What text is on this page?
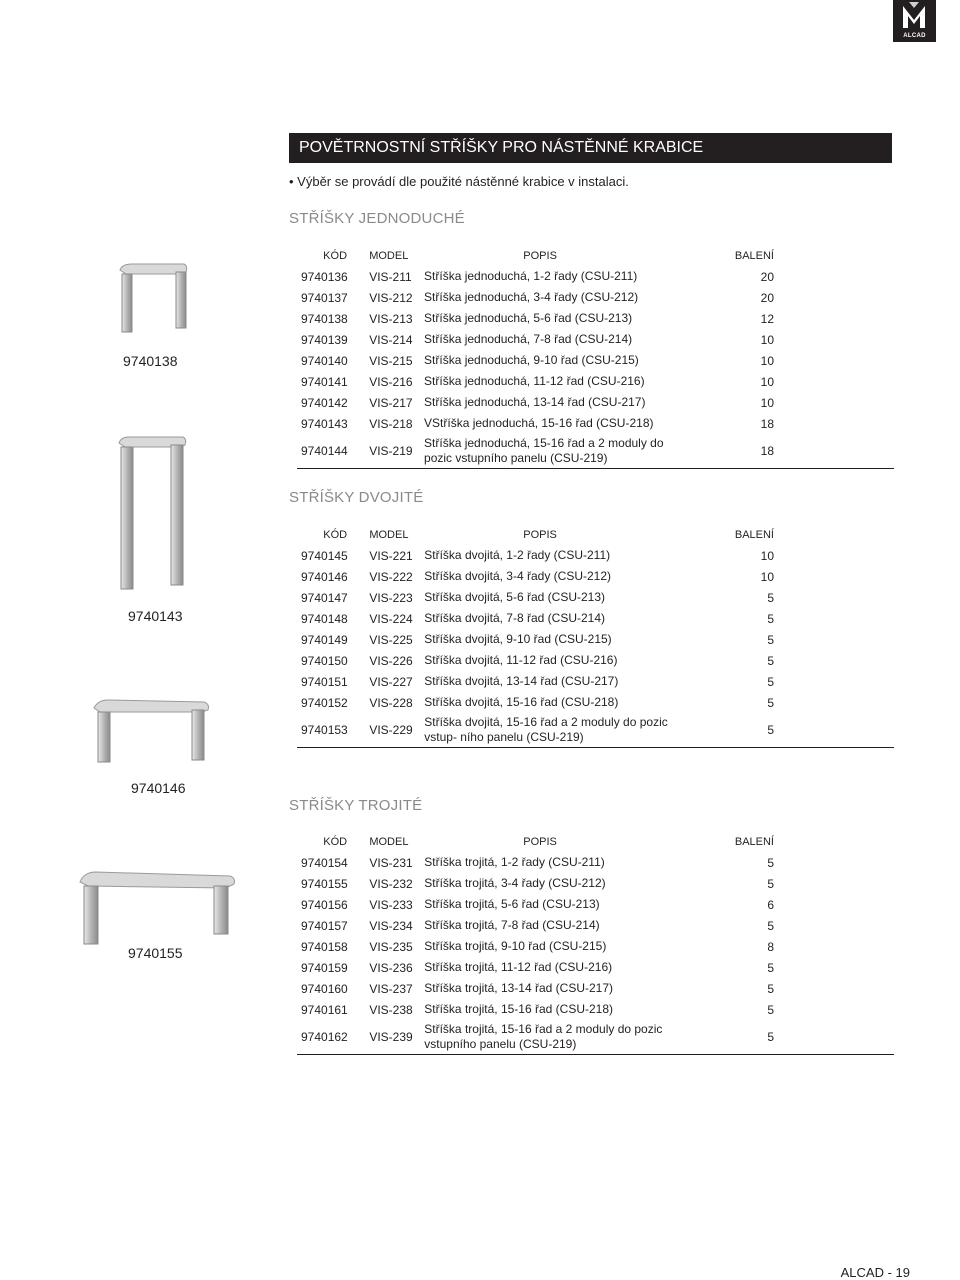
ALCAD
POVĚTRNOSTNÍ STŘÍŠKY PRO NÁSTĚNNÉ KRABICE
• Výběr se provádí dle použité nástěnné krabice v instalaci.
STŘÍŠKY JEDNODUCHÉ
STŘÍŠKY DVOJITÉ
STŘÍŠKY TROJITÉ
KÓD	MODEL	POPIS	BALENÍ
9740136	VIS-211	Stříška jednoduchá, 1-2 řady (CSU-211)	20
9740137	VIS-212	Stříška jednoduchá, 3-4 řady (CSU-212)	20
9740138	VIS-213	Stříška jednoduchá, 5-6 řad (CSU-213)	12
9740139	VIS-214	Stříška jednoduchá, 7-8 řad (CSU-214)	10
9740140	VIS-215	Stříška jednoduchá, 9-10 řad (CSU-215)	10
9740141	VIS-216	Stříška jednoduchá, 11-12 řad (CSU-216)	10
9740142	VIS-217	Stříška jednoduchá, 13-14 řad (CSU-217)	10
9740143	VIS-218	VStříška jednoduchá, 15-16 řad (CSU-218)	18
9740144	VIS-219	Stříška jednoduchá, 15-16 řad a 2 moduly do pozic vstupního panelu (CSU-219)	18
KÓD	MODEL	POPIS	BALENÍ
9740145	VIS-221	Stříška dvojitá, 1-2 řady (CSU-211)	10
9740146	VIS-222	Stříška dvojitá, 3-4 řady (CSU-212)	10
9740147	VIS-223	Stříška dvojitá, 5-6 řad (CSU-213)	5
9740148	VIS-224	Stříška dvojitá, 7-8 řad (CSU-214)	5
9740149	VIS-225	Stříška dvojitá, 9-10 řad (CSU-215)	5
9740150	VIS-226	Stříška dvojitá, 11-12 řad (CSU-216)	5
9740151	VIS-227	Stříška dvojitá, 13-14 řad (CSU-217)	5
9740152	VIS-228	Stříška dvojitá, 15-16 řad (CSU-218)	5
9740153	VIS-229	Stříška dvojitá, 15-16 řad a 2 moduly do pozic vstup- ního panelu (CSU-219)	5
KÓD	MODEL	POPIS	BALENÍ
9740154	VIS-231	Stříška trojitá, 1-2 řady (CSU-211)	5
9740155	VIS-232	Stříška trojitá, 3-4 řady (CSU-212)	5
9740156	VIS-233	Stříška trojitá, 5-6 řad (CSU-213)	6
9740157	VIS-234	Stříška trojitá, 7-8 řad (CSU-214)	5
9740158	VIS-235	Stříška trojitá, 9-10 řad (CSU-215)	8
9740159	VIS-236	Stříška trojitá, 11-12 řad (CSU-216)	5
9740160	VIS-237	Stříška trojitá, 13-14 řad (CSU-217)	5
9740161	VIS-238	Stříška trojitá, 15-16 řad (CSU-218)	5
9740162	VIS-239	Stříška trojitá, 15-16 řad a 2 moduly do pozic vstupního panelu (CSU-219)	5
9740138
9740143
9740146
9740155
ALCAD - 19
